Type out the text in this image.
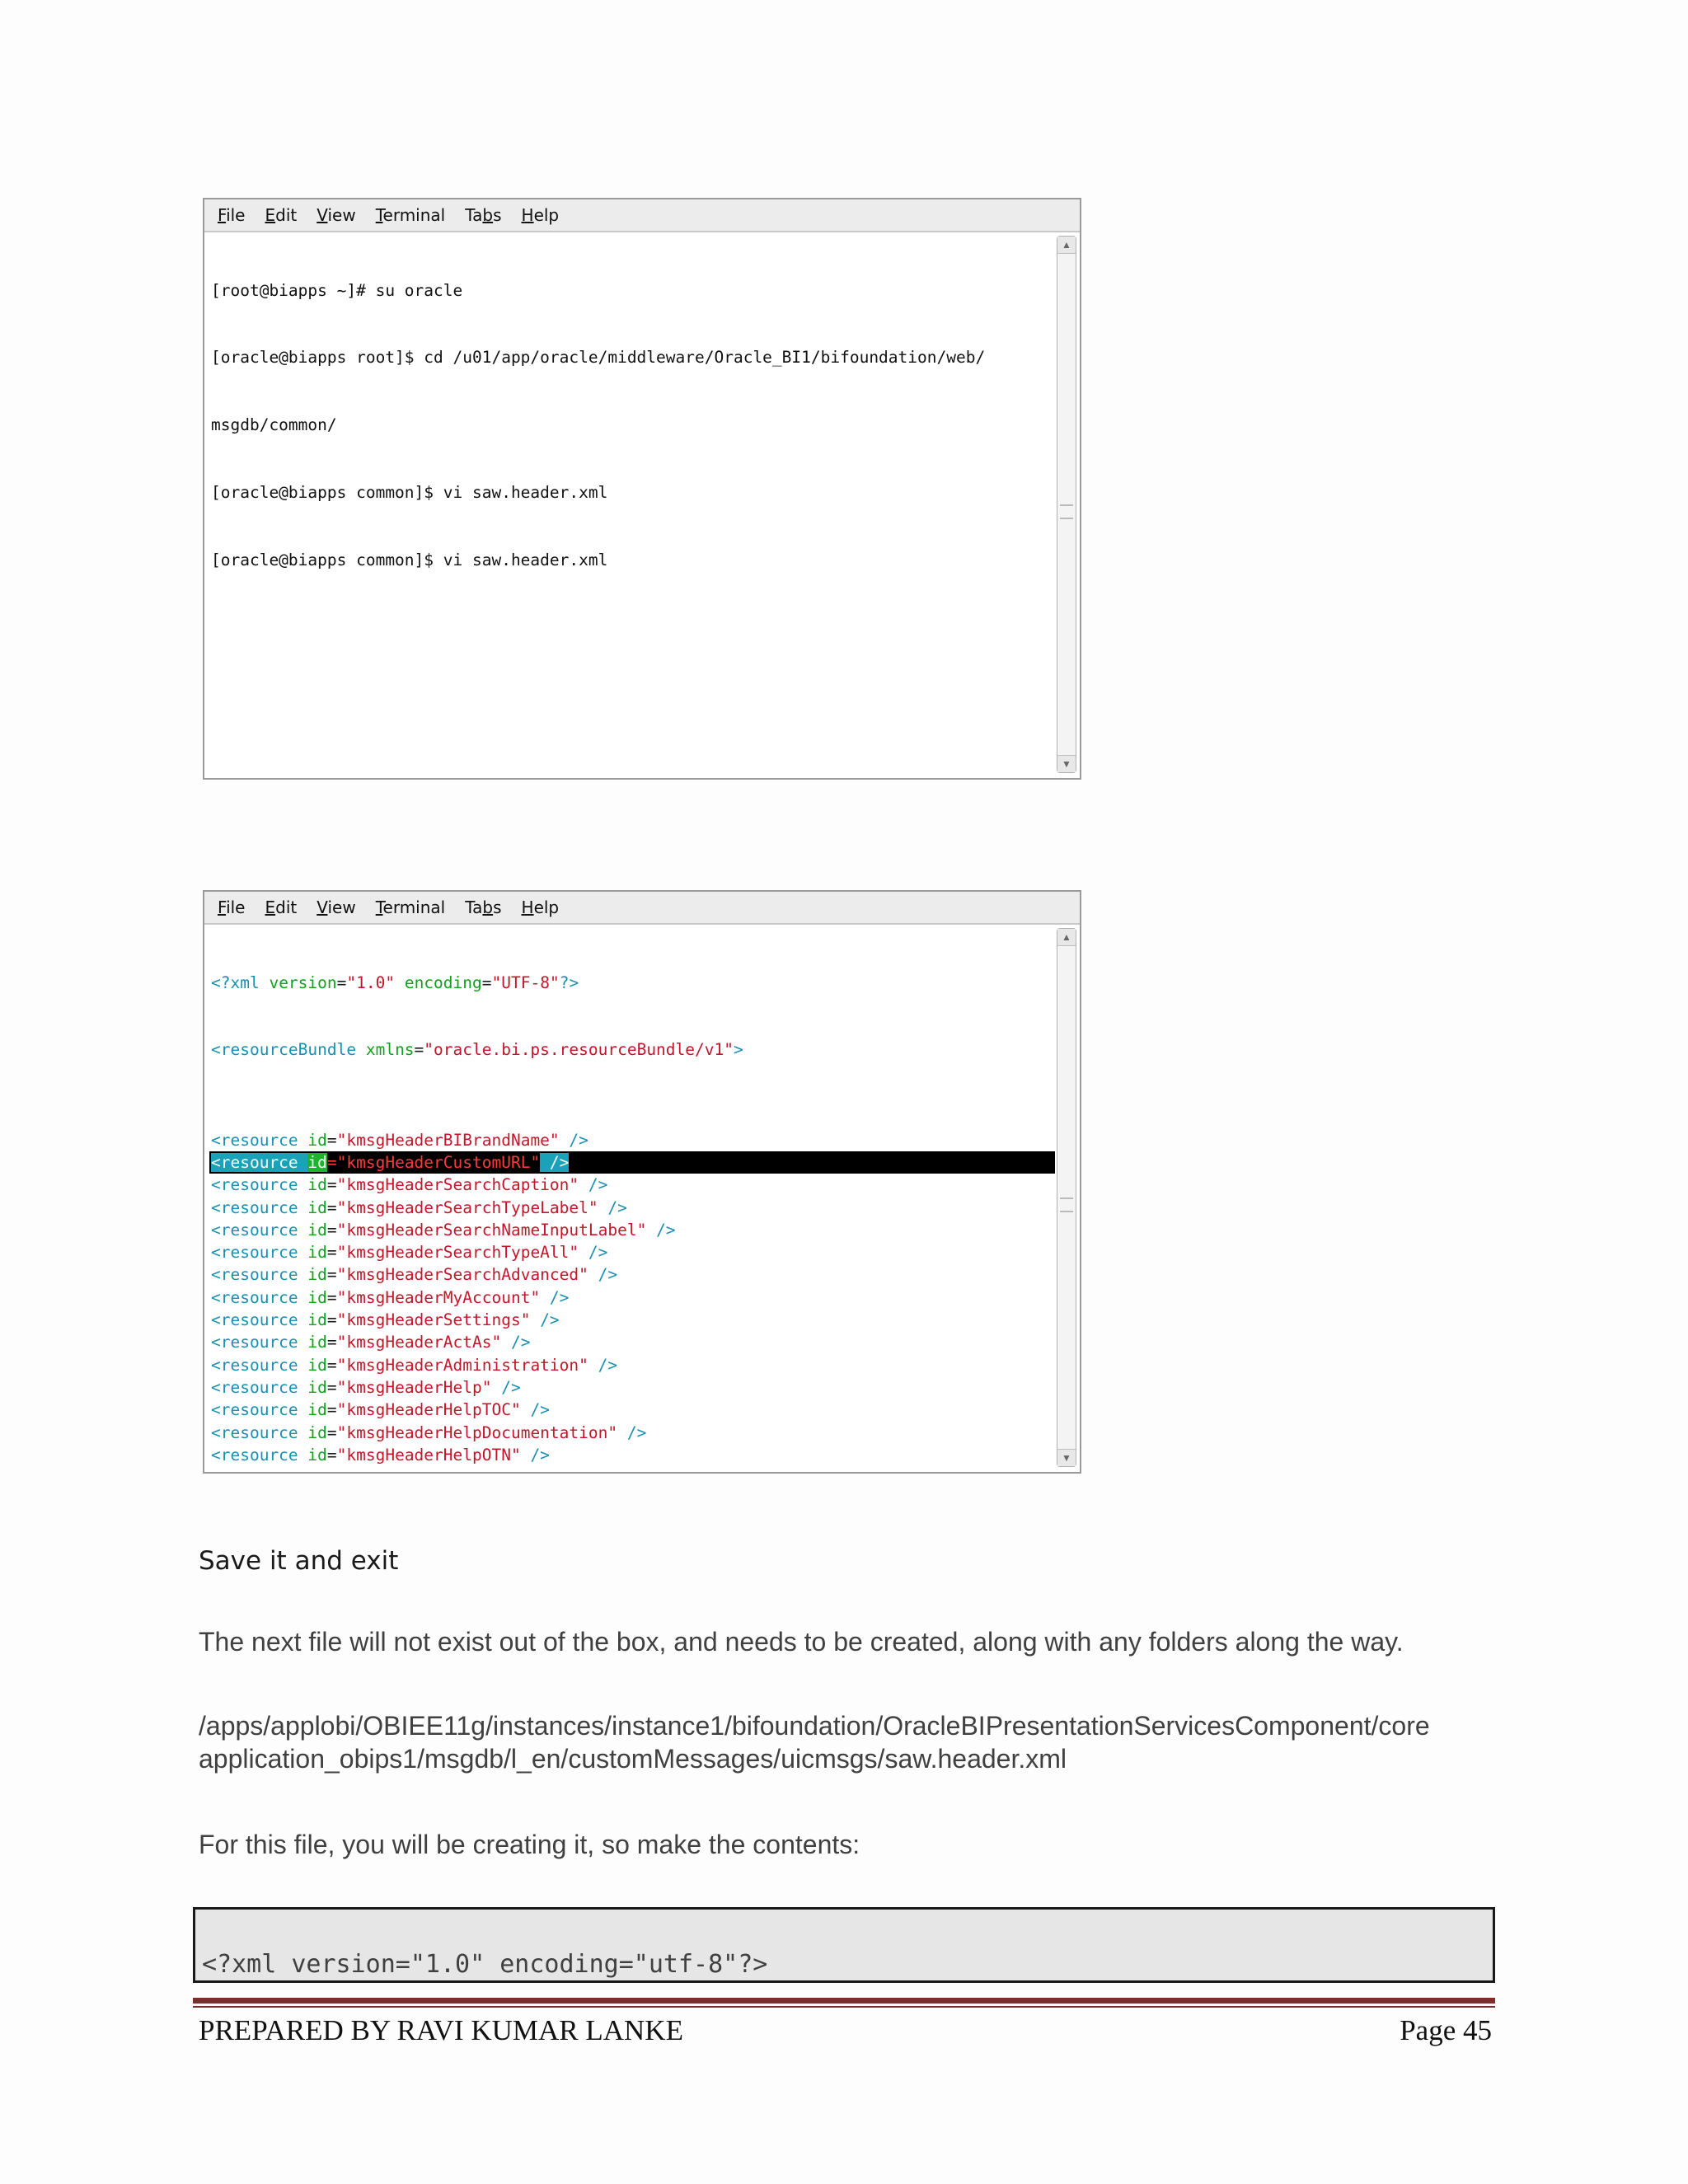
File Edit View Terminal Tabs Help

[root@biapps ~]# su oracle

[oracle@biapps root]$ cd /u01/app/oracle/middleware/Oracle_BI1/bifoundation/web/

msgdb/common/

[oracle@biapps common]$ vi saw.header.xml

[oracle@biapps common]$ vi saw.header.xml

▲
▼
File Edit View Terminal Tabs Help

<?xml version="1.0" encoding="UTF-8"?>

<resourceBundle xmlns="oracle.bi.ps.resourceBundle/v1">

<resource id="kmsgHeaderBIBrandName" />
<resource id="kmsgHeaderCustomURL" />
<resource id="kmsgHeaderSearchCaption" />
<resource id="kmsgHeaderSearchTypeLabel" />
<resource id="kmsgHeaderSearchNameInputLabel" />
<resource id="kmsgHeaderSearchTypeAll" />
<resource id="kmsgHeaderSearchAdvanced" />
<resource id="kmsgHeaderMyAccount" />
<resource id="kmsgHeaderSettings" />
<resource id="kmsgHeaderActAs" />
<resource id="kmsgHeaderAdministration" />
<resource id="kmsgHeaderHelp" />
<resource id="kmsgHeaderHelpTOC" />
<resource id="kmsgHeaderHelpDocumentation" />
<resource id="kmsgHeaderHelpOTN" />

▲
▼
Save it and exit
The next file will not exist out of the box, and needs to be created, along with any folders along the way.
/apps/applobi/OBIEE11g/instances/instance1/bifoundation/OracleBIPresentationServicesComponent/core
application_obips1/msgdb/l_en/customMessages/uicmsgs/saw.header.xml
For this file, you will be creating it, so make the contents:
<?xml version="1.0" encoding="utf-8"?>
PREPARED BY RAVI KUMAR LANKE	Page 45
